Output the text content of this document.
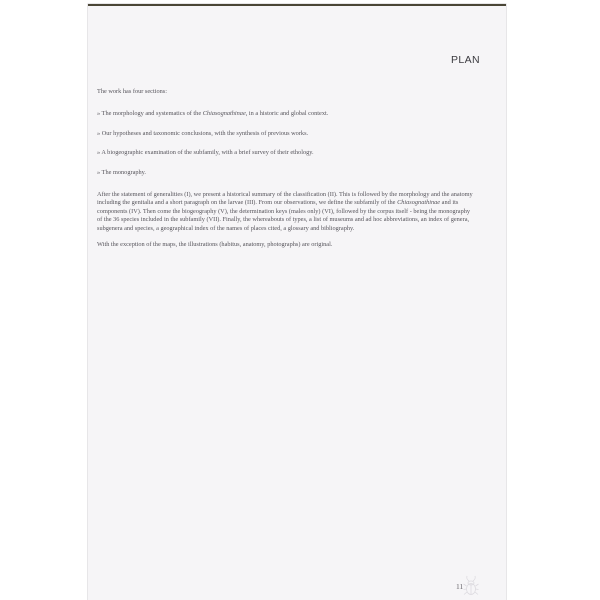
PLAN

The work has four sections:

» The morphology and systematics of the Chiasognathinae, in a historic and global context.

» Our hypotheses and taxonomic conclusions, with the synthesis of previous works.

» A biogeographic examination of the subfamily, with a brief survey of their ethology.

» The monography.

After the statement of generalities (I), we present a historical summary of the classification (II). This is followed by the morphology and the anatomy including the genitalia and a short paragraph on the larvae (III). From our observations, we define the subfamily of the Chiasognathinae and its components (IV). Then come the biogeography (V), the determination keys (males only) (VI), followed by the corpus itself - being the monography of the 36 species included in the subfamily (VII). Finally, the whereabouts of types, a list of museums and ad hoc abbreviations, an index of genera, subgenera and species, a geographical index of the names of places cited, a glossary and bibliography.

With the exception of the maps, the illustrations (habitus, anatomy, photographs) are original.

11
